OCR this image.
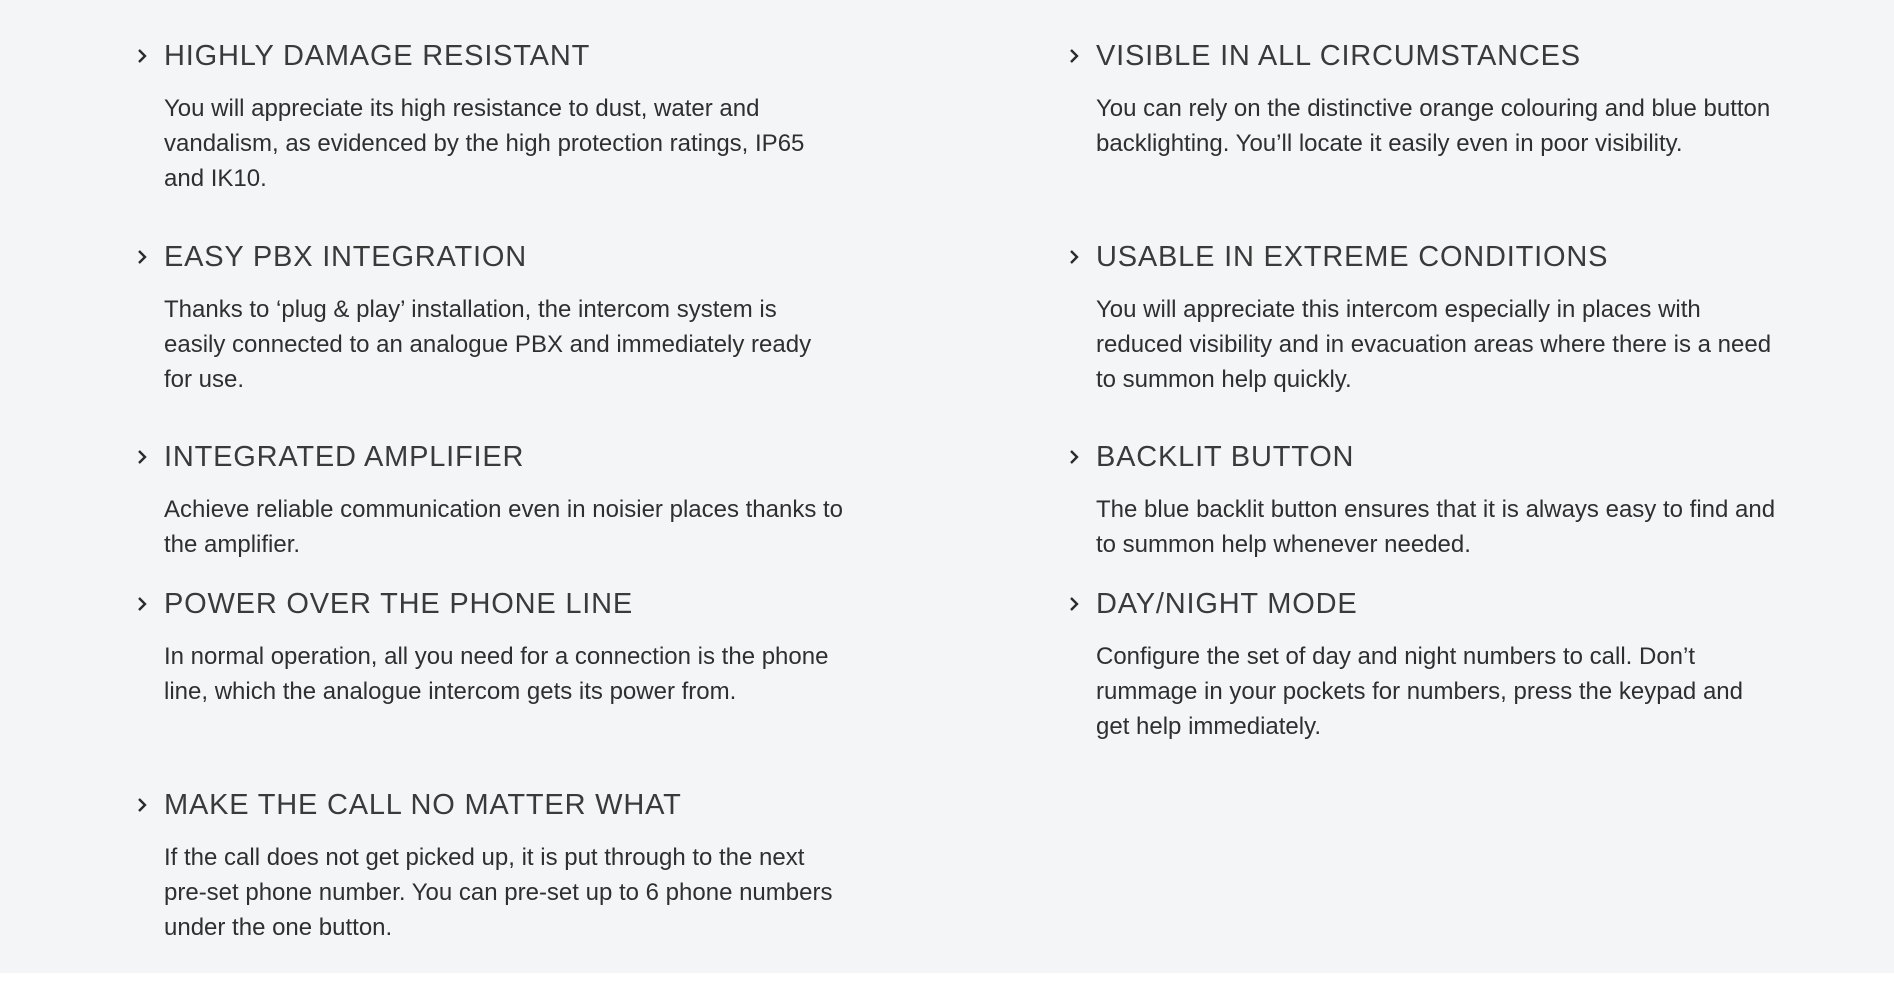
HIGHLY DAMAGE RESISTANT
You will appreciate its high resistance to dust, water and vandalism, as evidenced by the high protection ratings, IP65 and IK10.
EASY PBX INTEGRATION
Thanks to ‘plug & play’ installation, the intercom system is easily connected to an analogue PBX and immediately ready for use.
INTEGRATED AMPLIFIER
Achieve reliable communication even in noisier places thanks to the amplifier.
POWER OVER THE PHONE LINE
In normal operation, all you need for a connection is the phone line, which the analogue intercom gets its power from.
MAKE THE CALL NO MATTER WHAT
If the call does not get picked up, it is put through to the next pre-set phone number. You can pre-set up to 6 phone numbers under the one button.
VISIBLE IN ALL CIRCUMSTANCES
You can rely on the distinctive orange colouring and blue button backlighting. You’ll locate it easily even in poor visibility.
USABLE IN EXTREME CONDITIONS
You will appreciate this intercom especially in places with reduced visibility and in evacuation areas where there is a need to summon help quickly.
BACKLIT BUTTON
The blue backlit button ensures that it is always easy to find and to summon help whenever needed.
DAY/NIGHT MODE
Configure the set of day and night numbers to call. Don’t rummage in your pockets for numbers, press the keypad and get help immediately.
